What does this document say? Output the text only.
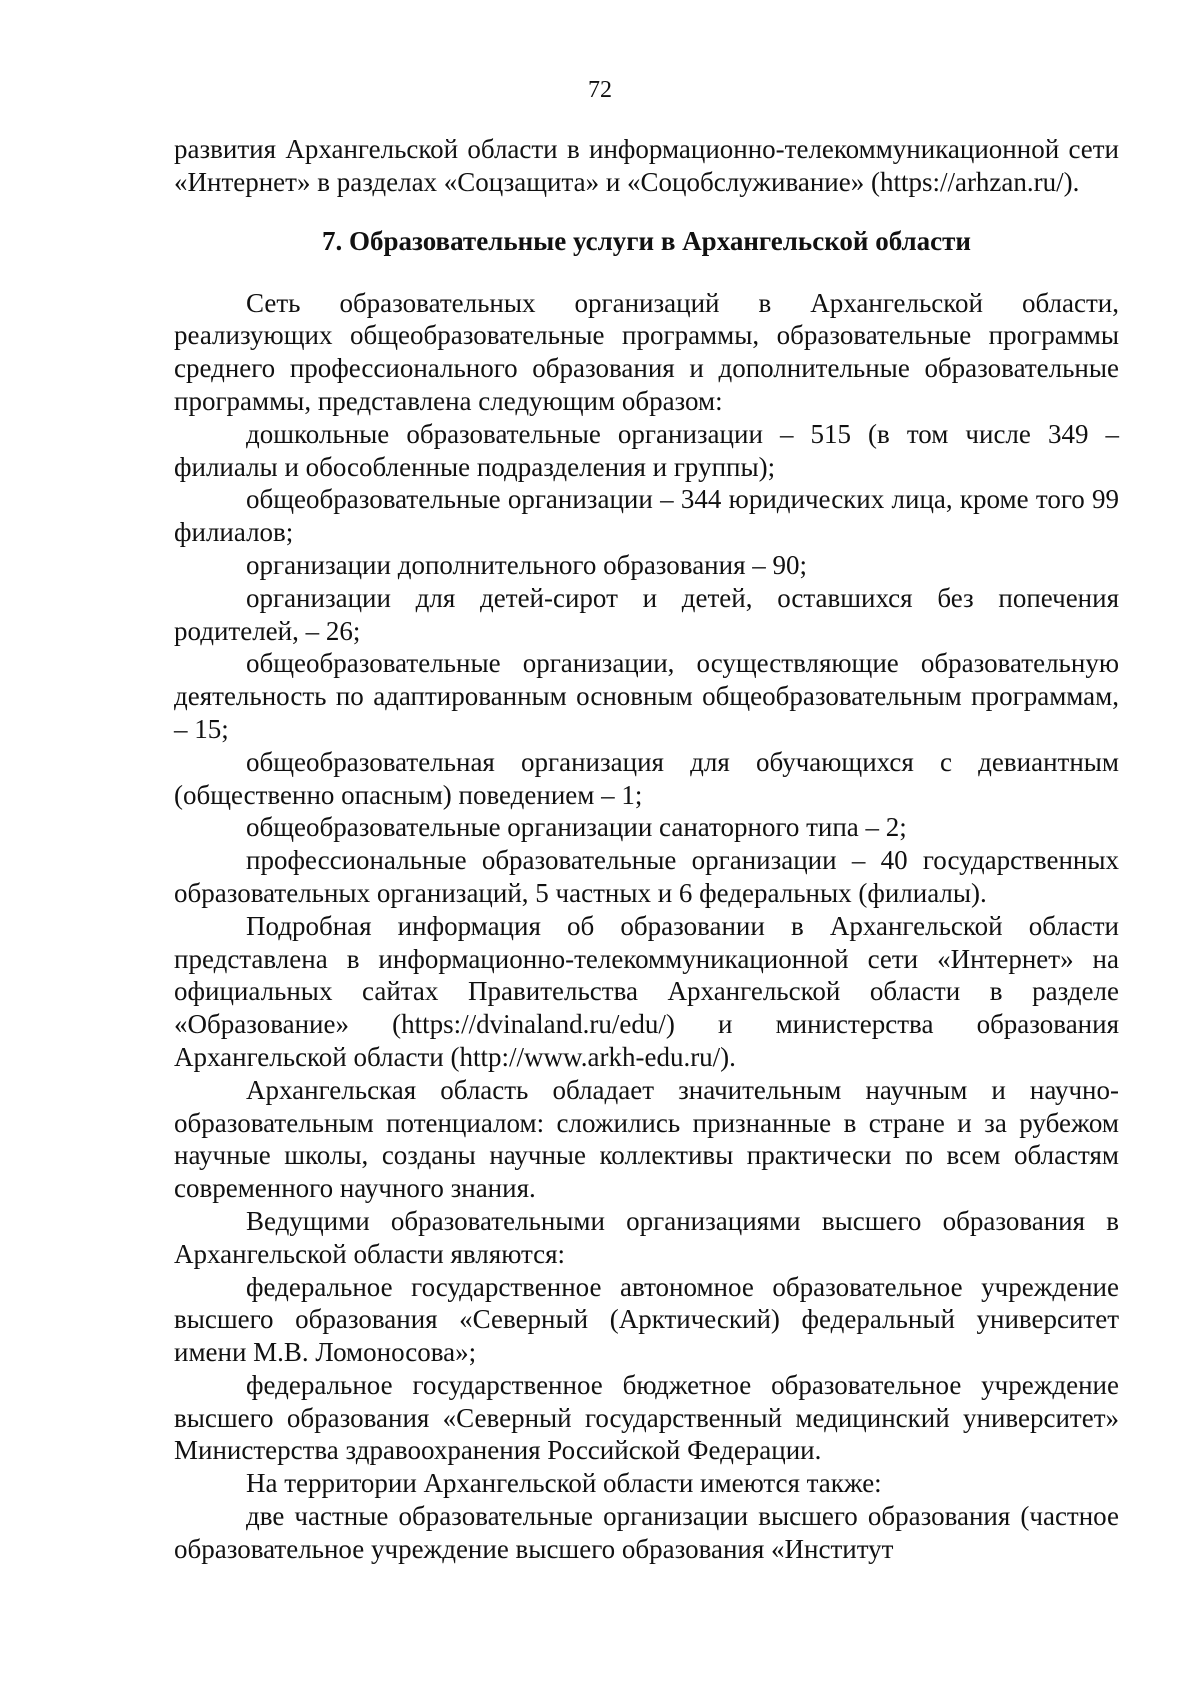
72

развития Архангельской области в информационно-телекоммуникационной сети «Интернет» в разделах «Соцзащита» и «Соцобслуживание» (https://arhzan.ru/).

7. Образовательные услуги в Архангельской области

Сеть образовательных организаций в Архангельской области, реализующих общеобразовательные программы, образовательные программы среднего профессионального образования и дополнительные образовательные программы, представлена следующим образом:

дошкольные образовательные организации – 515 (в том числе 349 – филиалы и обособленные подразделения и группы);

общеобразовательные организации – 344 юридических лица, кроме того 99 филиалов;

организации дополнительного образования – 90;

организации для детей-сирот и детей, оставшихся без попечения родителей, – 26;

общеобразовательные организации, осуществляющие образовательную деятельность по адаптированным основным общеобразовательным программам, – 15;

общеобразовательная организация для обучающихся с девиантным (общественно опасным) поведением – 1;

общеобразовательные организации санаторного типа – 2;

профессиональные образовательные организации – 40 государственных образовательных организаций, 5 частных и 6 федеральных (филиалы).

Подробная информация об образовании в Архангельской области представлена в информационно-телекоммуникационной сети «Интернет» на официальных сайтах Правительства Архангельской области в разделе «Образование» (https://dvinaland.ru/edu/) и министерства образования Архангельской области (http://www.arkh-edu.ru/).

Архангельская область обладает значительным научным и научно-образовательным потенциалом: сложились признанные в стране и за рубежом научные школы, созданы научные коллективы практически по всем областям современного научного знания.

Ведущими образовательными организациями высшего образования в Архангельской области являются:

федеральное государственное автономное образовательное учреждение высшего образования «Северный (Арктический) федеральный университет имени М.В. Ломоносова»;

федеральное государственное бюджетное образовательное учреждение высшего образования «Северный государственный медицинский университет» Министерства здравоохранения Российской Федерации.

На территории Архангельской области имеются также:

две частные образовательные организации высшего образования (частное образовательное учреждение высшего образования «Институт
